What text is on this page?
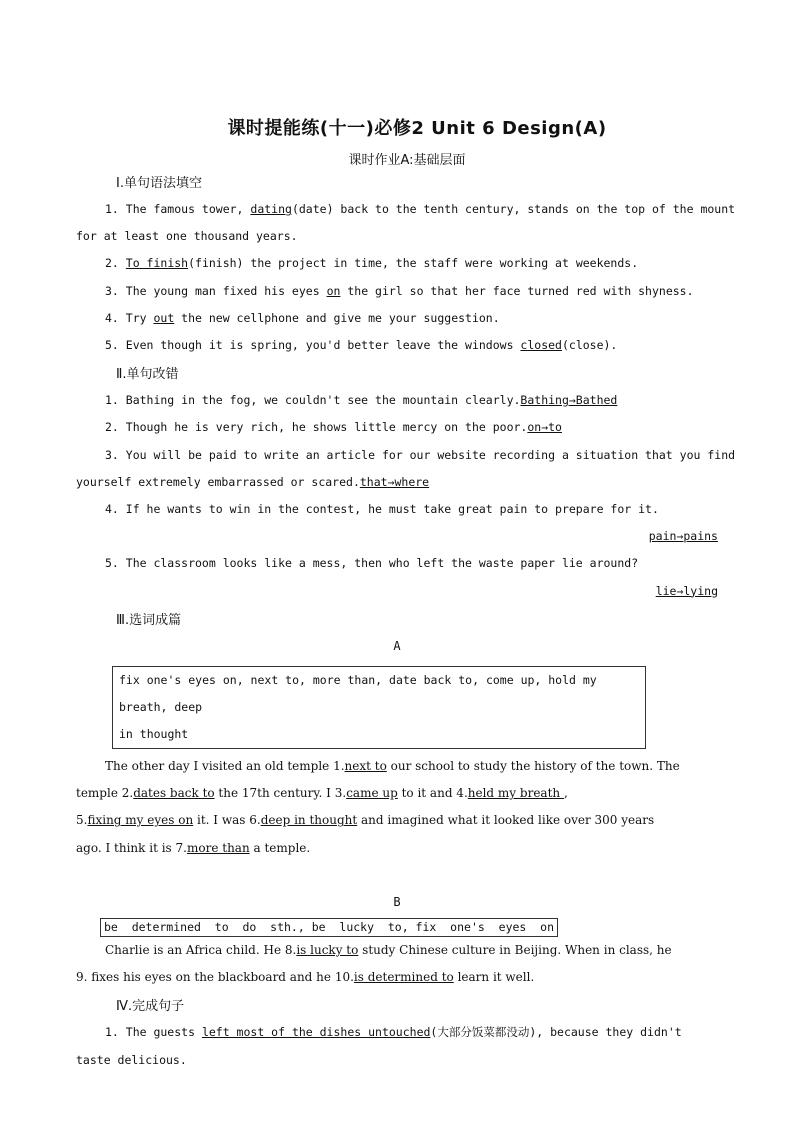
课时提能练(十一)必修2 Unit 6 Design(A)
课时作业A:基础层面
Ⅰ.单句语法填空
1. The famous tower, dating(date) back to the tenth century, stands on the top of the mount
for at least one thousand years.
2. To finish(finish) the project in time, the staff were working at weekends.
3. The young man fixed his eyes on the girl so that her face turned red with shyness.
4. Try out the new cellphone and give me your suggestion.
5. Even though it is spring, you'd better leave the windows closed(close).
Ⅱ.单句改错
1. Bathing in the fog, we couldn't see the mountain clearly.Bathing→Bathed
2. Though he is very rich, he shows little mercy on the poor.on→to
3. You will be paid to write an article for our website recording a situation that you find
yourself extremely embarrassed or scared.that→where
4. If he wants to win in the contest, he must take great pain to prepare for it.
pain→pains
5. The classroom looks like a mess, then who left the waste paper lie around?
lie→lying
Ⅲ.选词成篇
A
fix one's eyes on, next to, more than, date back to, come up, hold my breath, deep
in thought
The other day I visited an old temple 1.next to our school to study the history of the town. The
temple 2.dates back to the 17th century. I 3.came up to it and 4.held my breath ,
5.fixing my eyes on it. I was 6.deep in thought and imagined what it looked like over 300 years
ago. I think it is 7.more than a temple.
B
be  determined  to  do  sth., be  lucky  to, fix  one's  eyes  on
Charlie is an Africa child. He 8.is lucky to study Chinese culture in Beijing. When in class, he
9. fixes his eyes on the blackboard and he 10.is determined to learn it well.
Ⅳ.完成句子
1. The guests left most of the dishes untouched(大部分饭菜都没动), because they didn't
taste delicious.
